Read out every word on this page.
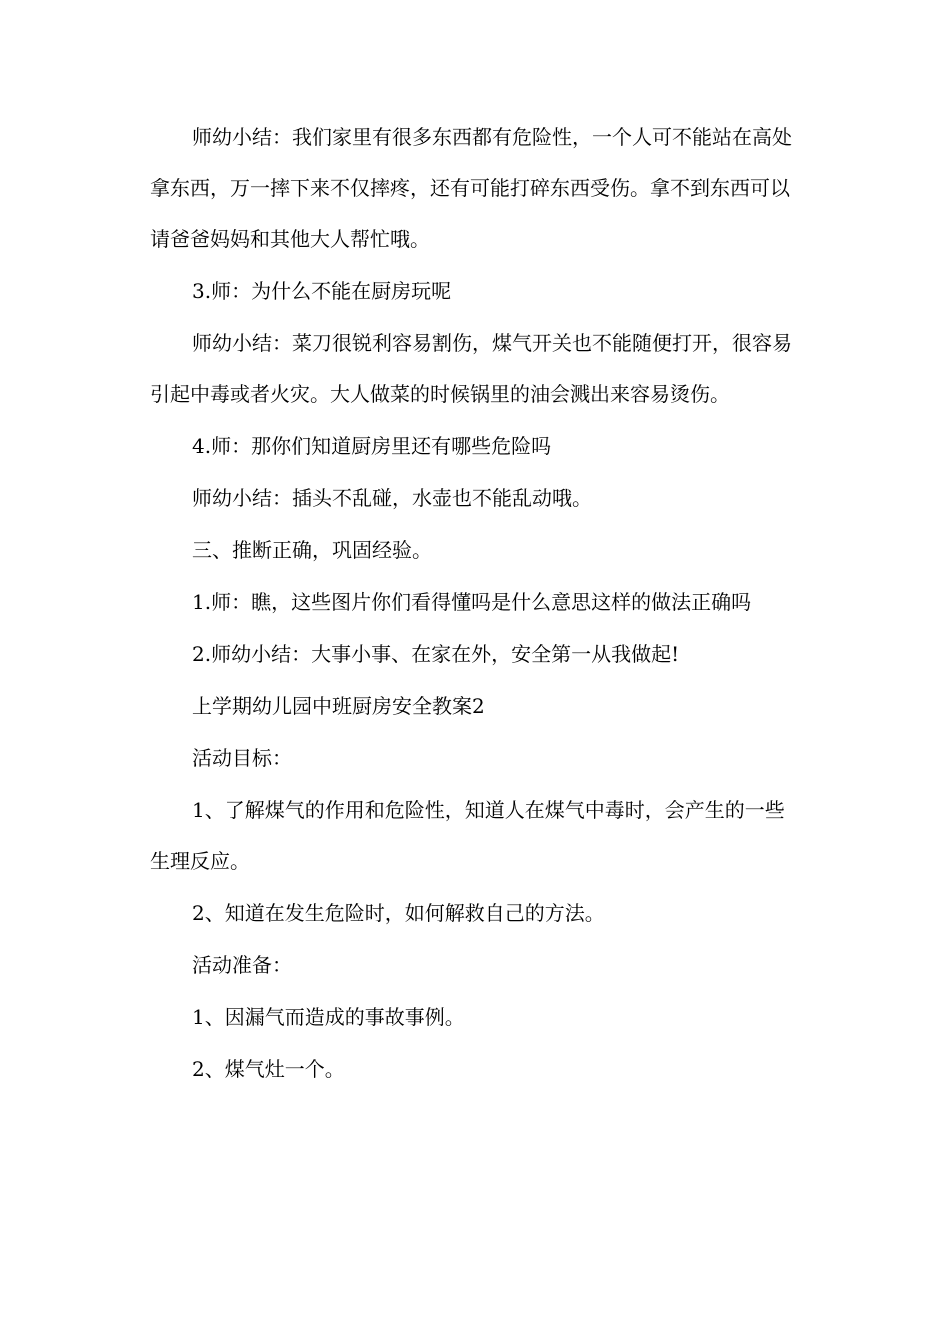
师幼小结：我们家里有很多东西都有危险性，一个人可不能站在高处拿东西，万一摔下来不仅摔疼，还有可能打碎东西受伤。拿不到东西可以请爸爸妈妈和其他大人帮忙哦。

3.师：为什么不能在厨房玩呢

师幼小结：菜刀很锐利容易割伤，煤气开关也不能随便打开，很容易引起中毒或者火灾。大人做菜的时候锅里的油会溅出来容易烫伤。

4.师：那你们知道厨房里还有哪些危险吗

师幼小结：插头不乱碰，水壶也不能乱动哦。

三、推断正确，巩固经验。

1.师：瞧，这些图片你们看得懂吗是什么意思这样的做法正确吗

2.师幼小结：大事小事、在家在外，安全第一从我做起!

上学期幼儿园中班厨房安全教案2

活动目标：

1、了解煤气的作用和危险性，知道人在煤气中毒时，会产生的一些生理反应。

2、知道在发生危险时，如何解救自己的方法。

活动准备：

1、因漏气而造成的事故事例。

2、煤气灶一个。
